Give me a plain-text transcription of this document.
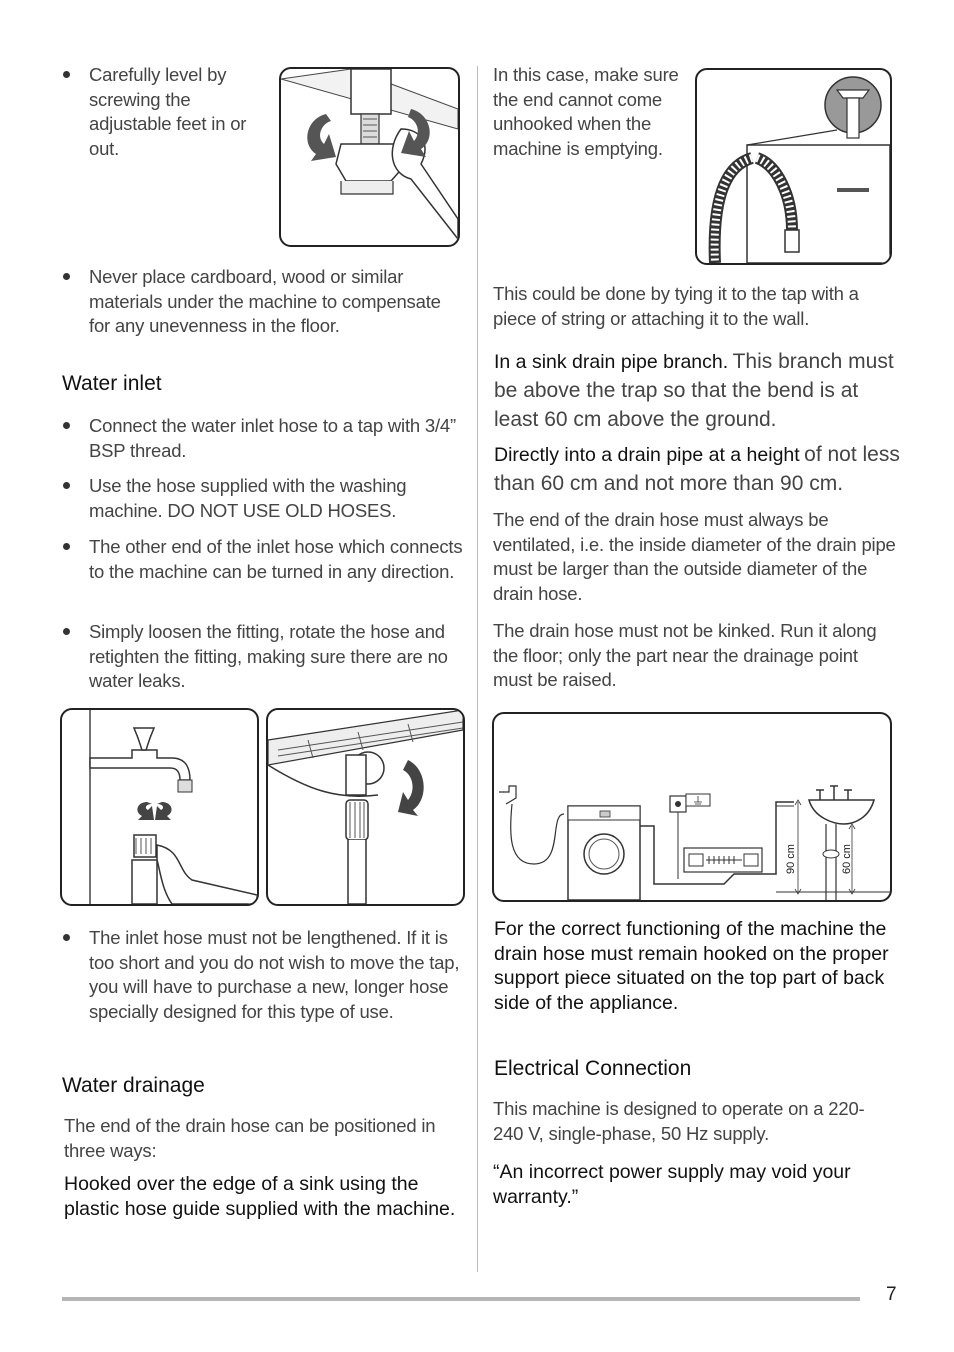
Carefully level by screwing the adjustable feet in or out.

Never place cardboard, wood or similar materials under the machine to compensate for any unevenness in the floor.

Water inlet

Connect the water inlet hose to a tap with 3/4” BSP thread.

Use the hose supplied with the washing machine. DO NOT USE OLD HOSES.

The other end of the inlet hose which connects to the machine can be turned in any direction.

Simply loosen the fitting, rotate the hose and retighten the fitting, making sure there are no water leaks.

The inlet hose must not be lengthened. If it is too short and you do not wish to move the tap, you will have to purchase a new, longer hose specially designed for this type of use.

Water drainage

The end of the drain hose can be positioned in three ways:

Hooked over the edge of a sink using the plastic hose guide supplied with the machine.

In this case, make sure the end cannot come unhooked when the machine is emptying.

This could be done by tying it to the tap with a piece of string or attaching it to the wall.

In a sink drain pipe branch. This branch must be above the trap so that the bend is at least 60 cm above the ground.

Directly into a drain pipe at a height of not less than 60 cm and not more than 90 cm.

The end of the drain hose must always be ventilated, i.e. the inside diameter of the drain pipe must be larger than the outside diameter of the drain hose.

The drain hose must not be kinked. Run it along the floor; only the part near the drainage point must be raised.

90 cm	60 cm

For the correct functioning of the machine the drain hose must remain hooked on the proper support piece situated on the top part of back side of the appliance.

Electrical Connection

This machine is designed to operate on a 220-240 V, single-phase, 50 Hz supply.

“An incorrect power supply may void your warranty.”

7
